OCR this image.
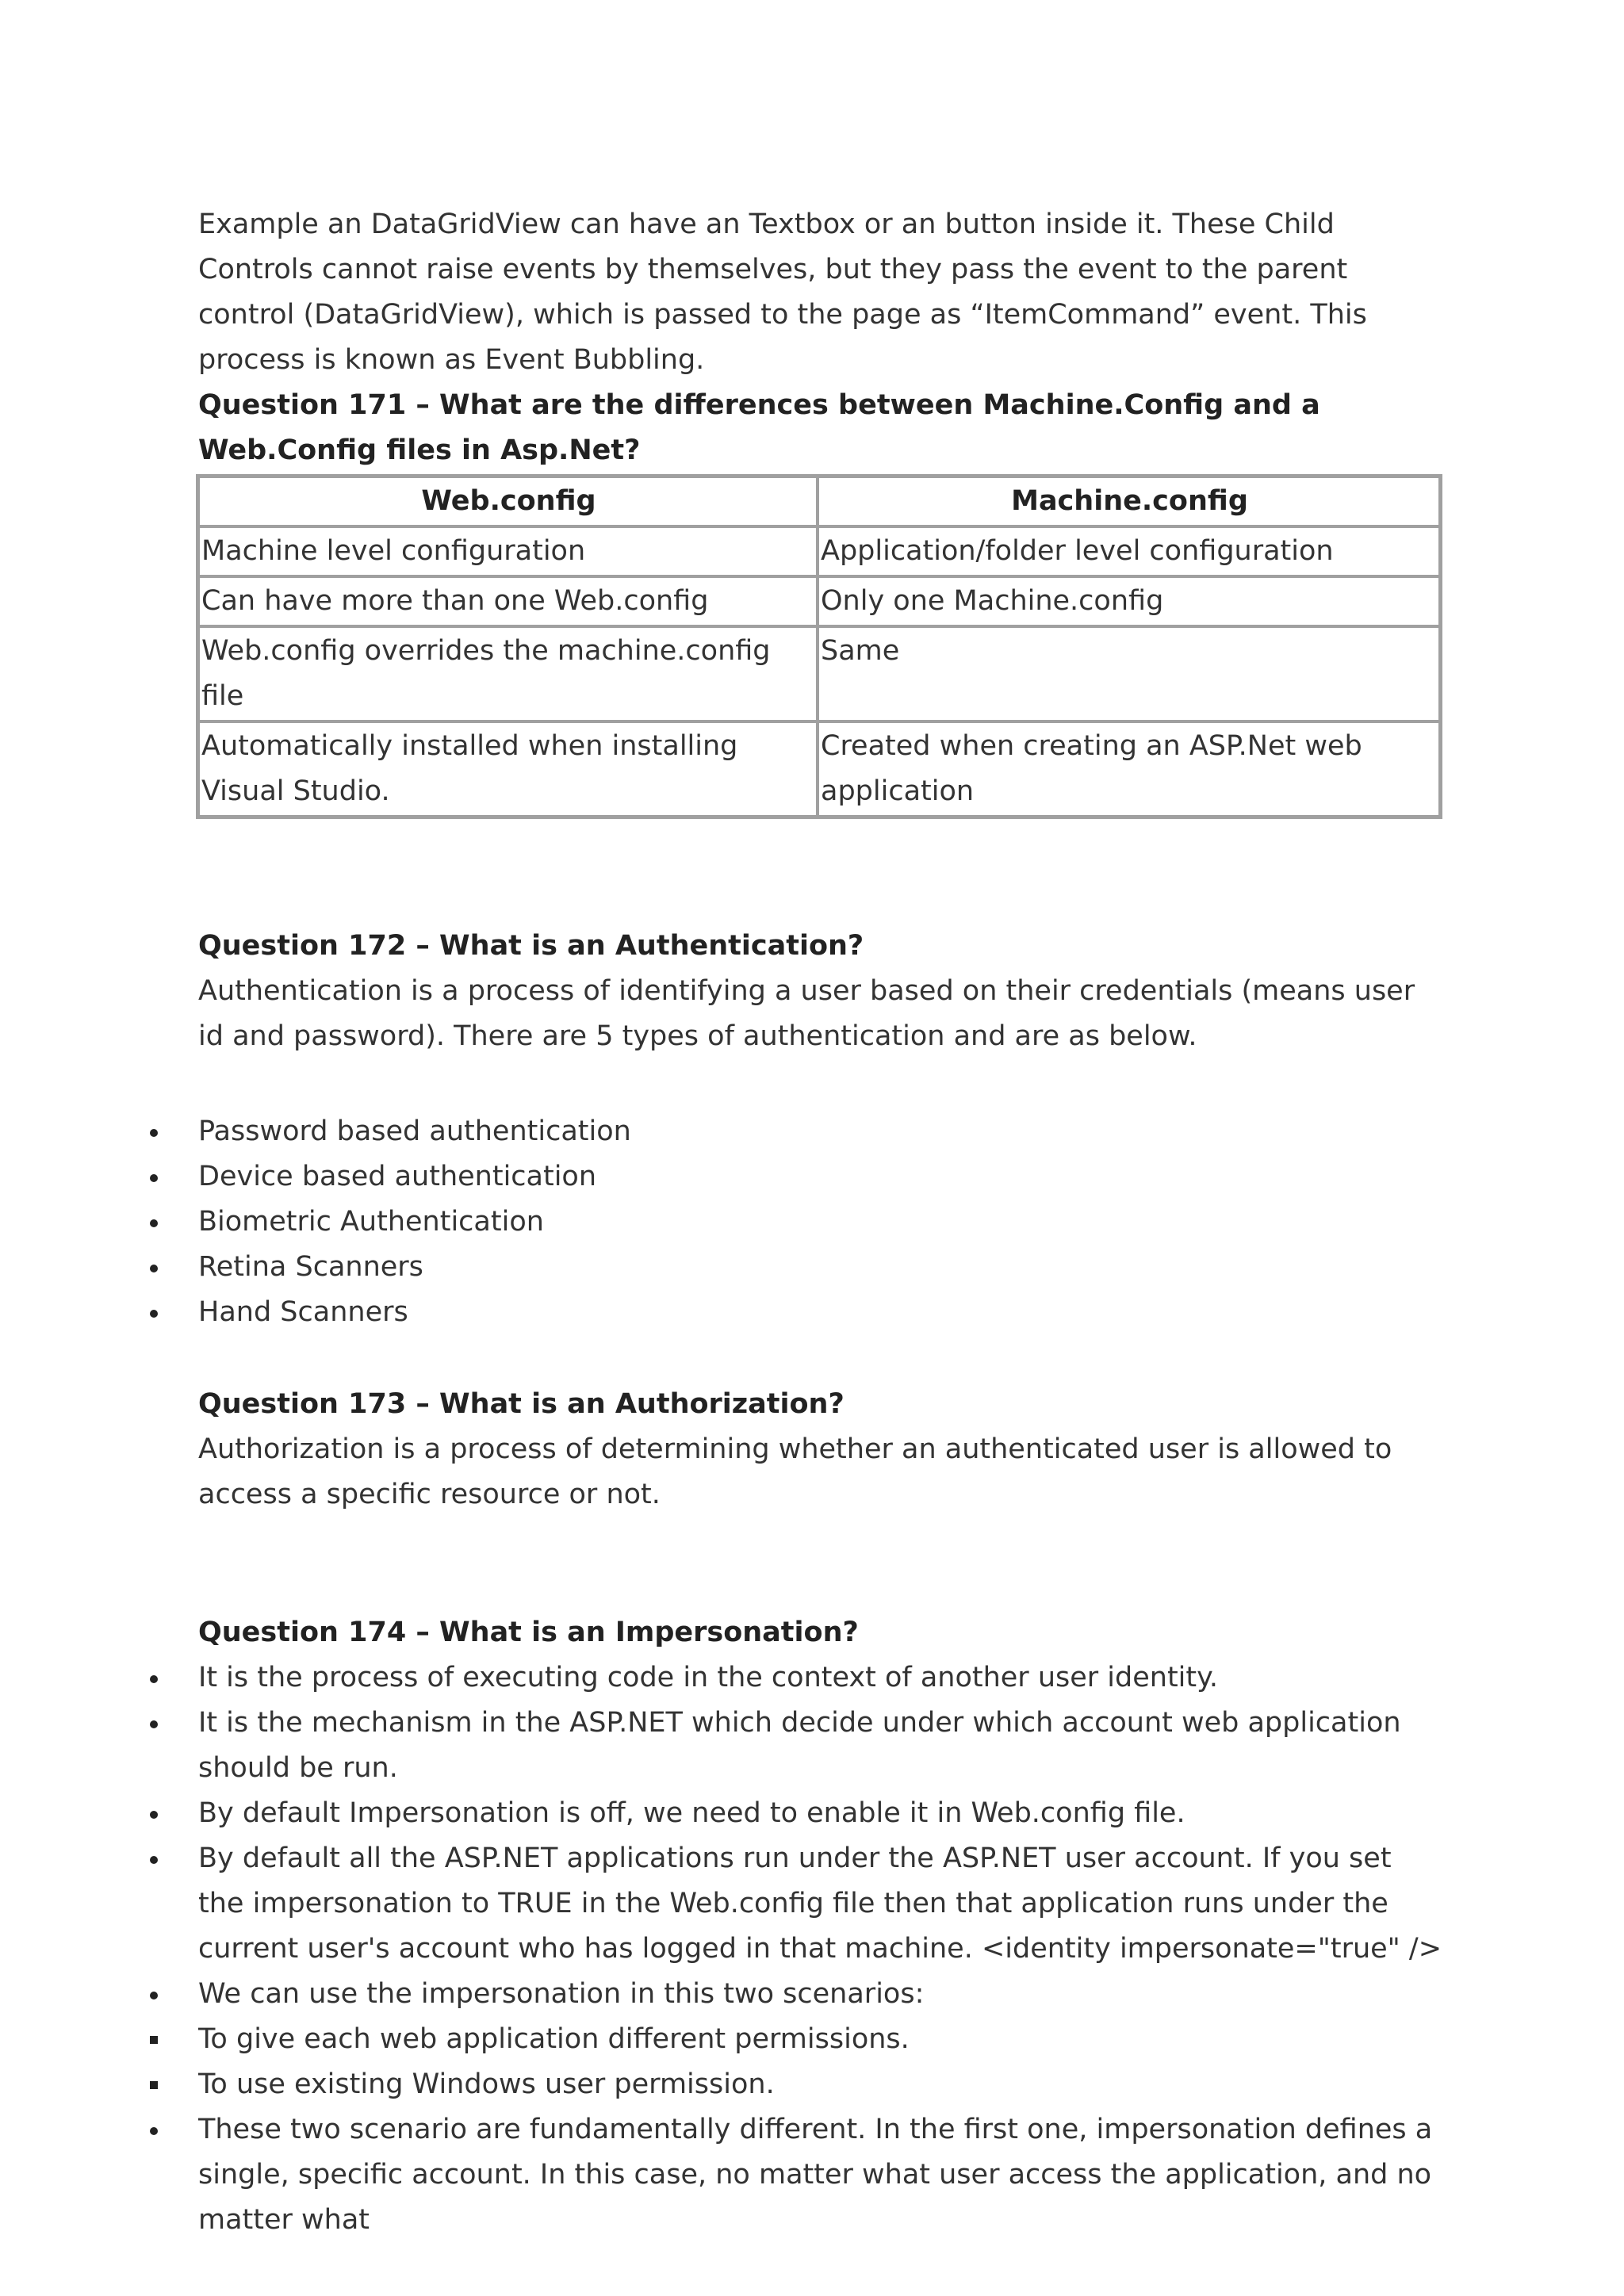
Example an DataGridView can have an Textbox or an button inside it. These Child Controls cannot raise events by themselves, but they pass the event to the parent control (DataGridView), which is passed to the page as “ItemCommand” event. This process is known as Event Bubbling.

Question 171 – What are the differences between Machine.Config and a Web.Config files in Asp.Net?

Web.config	Machine.config
Machine level configuration	Application/folder level configuration
Can have more than one Web.config	Only one Machine.config
Web.config overrides the machine.config file	Same
Automatically installed when installing Visual Studio.	Created when creating an ASP.Net web application

Question 172 – What is an Authentication?

Authentication is a process of identifying a user based on their credentials (means user id and password). There are 5 types of authentication and are as below.

Password based authentication
Device based authentication
Biometric Authentication
Retina Scanners
Hand Scanners

Question 173 – What is an Authorization?

Authorization is a process of determining whether an authenticated user is allowed to access a specific resource or not.

Question 174 – What is an Impersonation?

It is the process of executing code in the context of another user identity.
It is the mechanism in the ASP.NET which decide under which account web application should be run.
By default Impersonation is off, we need to enable it in Web.config file.
By default all the ASP.NET applications run under the ASP.NET user account. If you set the impersonation to TRUE in the Web.config file then that application runs under the current user's account who has logged in that machine. <identity impersonate="true" />
We can use the impersonation in this two scenarios:
To give each web application different permissions.
To use existing Windows user permission.
These two scenario are fundamentally different. In the first one, impersonation defines a single, specific account. In this case, no matter what user access the application, and no matter what
